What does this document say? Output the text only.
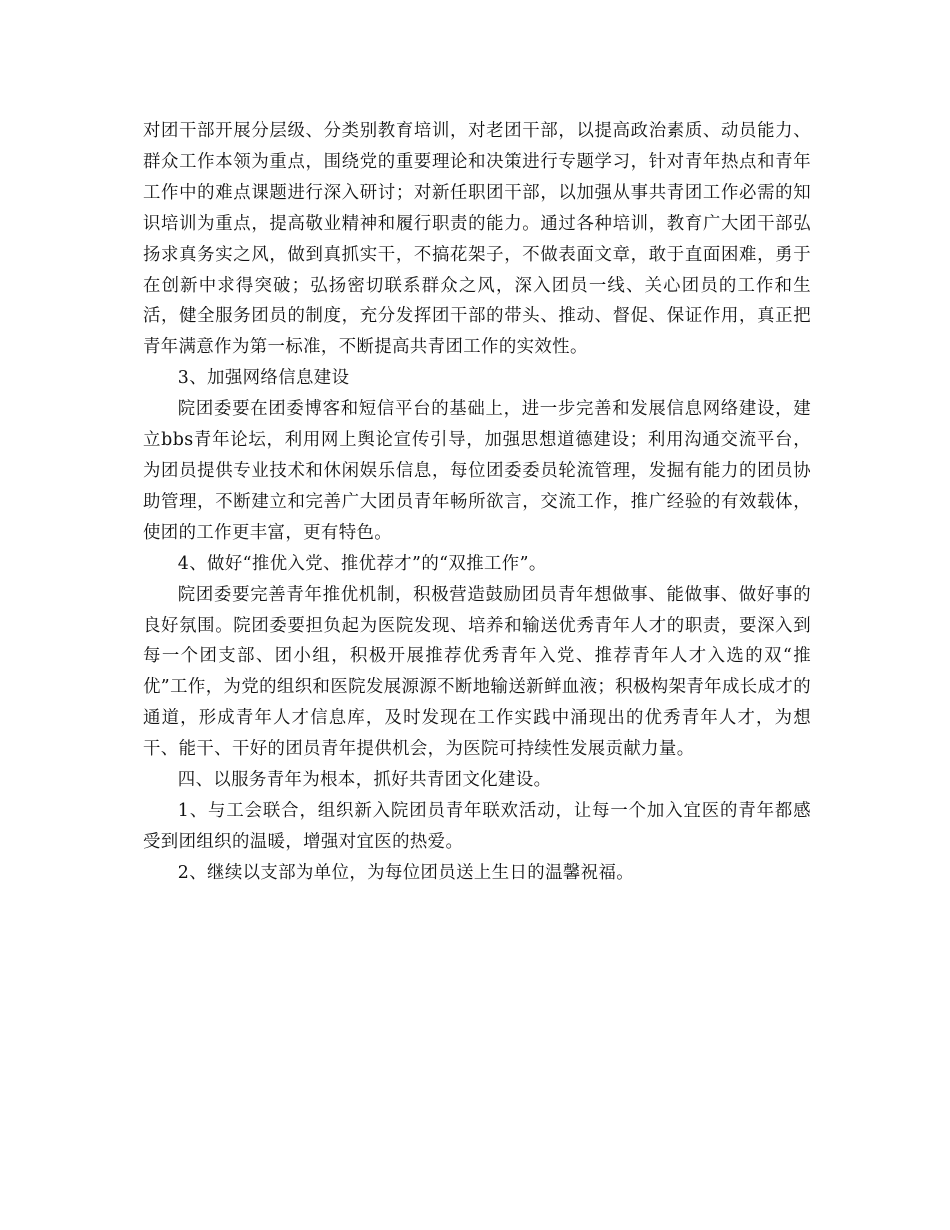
对团干部开展分层级、分类别教育培训，对老团干部，以提高政治素质、动员能力、群众工作本领为重点，围绕党的重要理论和决策进行专题学习，针对青年热点和青年工作中的难点课题进行深入研讨；对新任职团干部，以加强从事共青团工作必需的知识培训为重点，提高敬业精神和履行职责的能力。通过各种培训，教育广大团干部弘扬求真务实之风，做到真抓实干，不搞花架子，不做表面文章，敢于直面困难，勇于在创新中求得突破；弘扬密切联系群众之风，深入团员一线、关心团员的工作和生活，健全服务团员的制度，充分发挥团干部的带头、推动、督促、保证作用，真正把青年满意作为第一标准，不断提高共青团工作的实效性。

3、加强网络信息建设

院团委要在团委博客和短信平台的基础上，进一步完善和发展信息网络建设，建立bbs青年论坛，利用网上舆论宣传引导，加强思想道德建设；利用沟通交流平台，为团员提供专业技术和休闲娱乐信息，每位团委委员轮流管理，发掘有能力的团员协助管理，不断建立和完善广大团员青年畅所欲言，交流工作，推广经验的有效载体，使团的工作更丰富，更有特色。

4、做好“推优入党、推优荐才”的“双推工作”。

院团委要完善青年推优机制，积极营造鼓励团员青年想做事、能做事、做好事的良好氛围。院团委要担负起为医院发现、培养和输送优秀青年人才的职责，要深入到每一个团支部、团小组，积极开展推荐优秀青年入党、推荐青年人才入选的双“推优”工作，为党的组织和医院发展源源不断地输送新鲜血液；积极构架青年成长成才的通道，形成青年人才信息库，及时发现在工作实践中涌现出的优秀青年人才，为想干、能干、干好的团员青年提供机会，为医院可持续性发展贡献力量。

四、以服务青年为根本，抓好共青团文化建设。

1、与工会联合，组织新入院团员青年联欢活动，让每一个加入宜医的青年都感受到团组织的温暖，增强对宜医的热爱。

2、继续以支部为单位，为每位团员送上生日的温馨祝福。
